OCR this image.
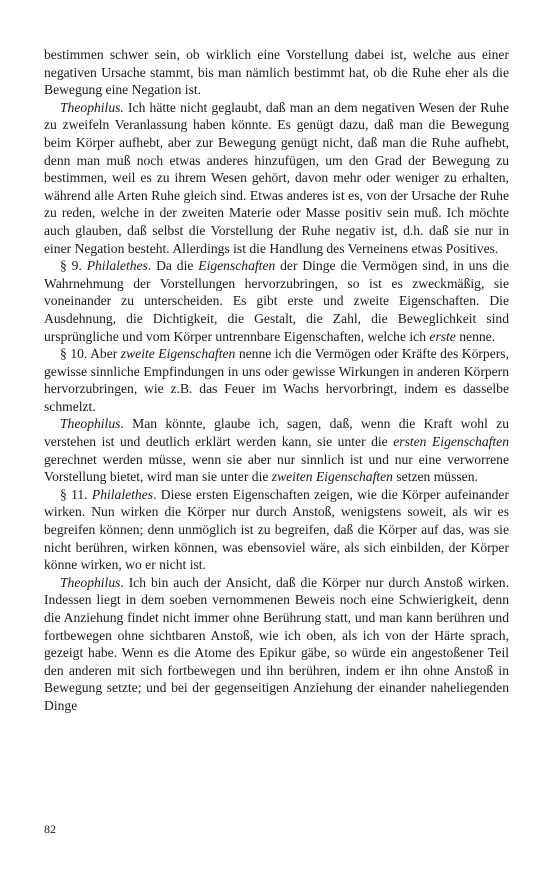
bestimmen schwer sein, ob wirklich eine Vorstellung dabei ist, welche aus einer negativen Ursache stammt, bis man nämlich bestimmt hat, ob die Ruhe eher als die Bewegung eine Negation ist.

Theophilus. Ich hätte nicht geglaubt, daß man an dem negativen Wesen der Ruhe zu zweifeln Veranlassung haben könnte. Es genügt dazu, daß man die Bewegung beim Körper aufhebt, aber zur Bewegung genügt nicht, daß man die Ruhe aufhebt, denn man muß noch etwas anderes hinzufügen, um den Grad der Bewegung zu bestimmen, weil es zu ihrem Wesen gehört, davon mehr oder weniger zu erhalten, während alle Arten Ruhe gleich sind. Etwas anderes ist es, von der Ursache der Ruhe zu reden, welche in der zweiten Materie oder Masse positiv sein muß. Ich möchte auch glauben, daß selbst die Vorstellung der Ruhe negativ ist, d.h. daß sie nur in einer Negation besteht. Allerdings ist die Handlung des Verneinens etwas Positives.

§ 9. Philalethes. Da die Eigenschaften der Dinge die Vermögen sind, in uns die Wahrnehmung der Vorstellungen hervorzubringen, so ist es zweckmäßig, sie voneinander zu unterscheiden. Es gibt erste und zweite Eigenschaften. Die Ausdehnung, die Dichtigkeit, die Gestalt, die Zahl, die Beweglichkeit sind ursprüngliche und vom Körper untrennbare Eigenschaften, welche ich erste nenne.

§ 10. Aber zweite Eigenschaften nenne ich die Vermögen oder Kräfte des Körpers, gewisse sinnliche Empfindungen in uns oder gewisse Wirkungen in anderen Körpern hervorzubringen, wie z.B. das Feuer im Wachs hervorbringt, indem es dasselbe schmelzt.

Theophilus. Man könnte, glaube ich, sagen, daß, wenn die Kraft wohl zu verstehen ist und deutlich erklärt werden kann, sie unter die ersten Eigenschaften gerechnet werden müsse, wenn sie aber nur sinnlich ist und nur eine verworrene Vorstellung bietet, wird man sie unter die zweiten Eigenschaften setzen müssen.

§ 11. Philalethes. Diese ersten Eigenschaften zeigen, wie die Körper aufeinander wirken. Nun wirken die Körper nur durch Anstoß, wenigstens soweit, als wir es begreifen können; denn unmöglich ist zu begreifen, daß die Körper auf das, was sie nicht berühren, wirken können, was ebensoviel wäre, als sich einbilden, der Körper könne wirken, wo er nicht ist.

Theophilus. Ich bin auch der Ansicht, daß die Körper nur durch Anstoß wirken. Indessen liegt in dem soeben vernommenen Beweis noch eine Schwierigkeit, denn die Anziehung findet nicht immer ohne Berührung statt, und man kann berühren und fortbewegen ohne sichtbaren Anstoß, wie ich oben, als ich von der Härte sprach, gezeigt habe. Wenn es die Atome des Epikur gäbe, so würde ein angestoßener Teil den anderen mit sich fortbewegen und ihn berühren, indem er ihn ohne Anstoß in Bewegung setzte; und bei der gegenseitigen Anziehung der einander naheliegenden Dinge

82
